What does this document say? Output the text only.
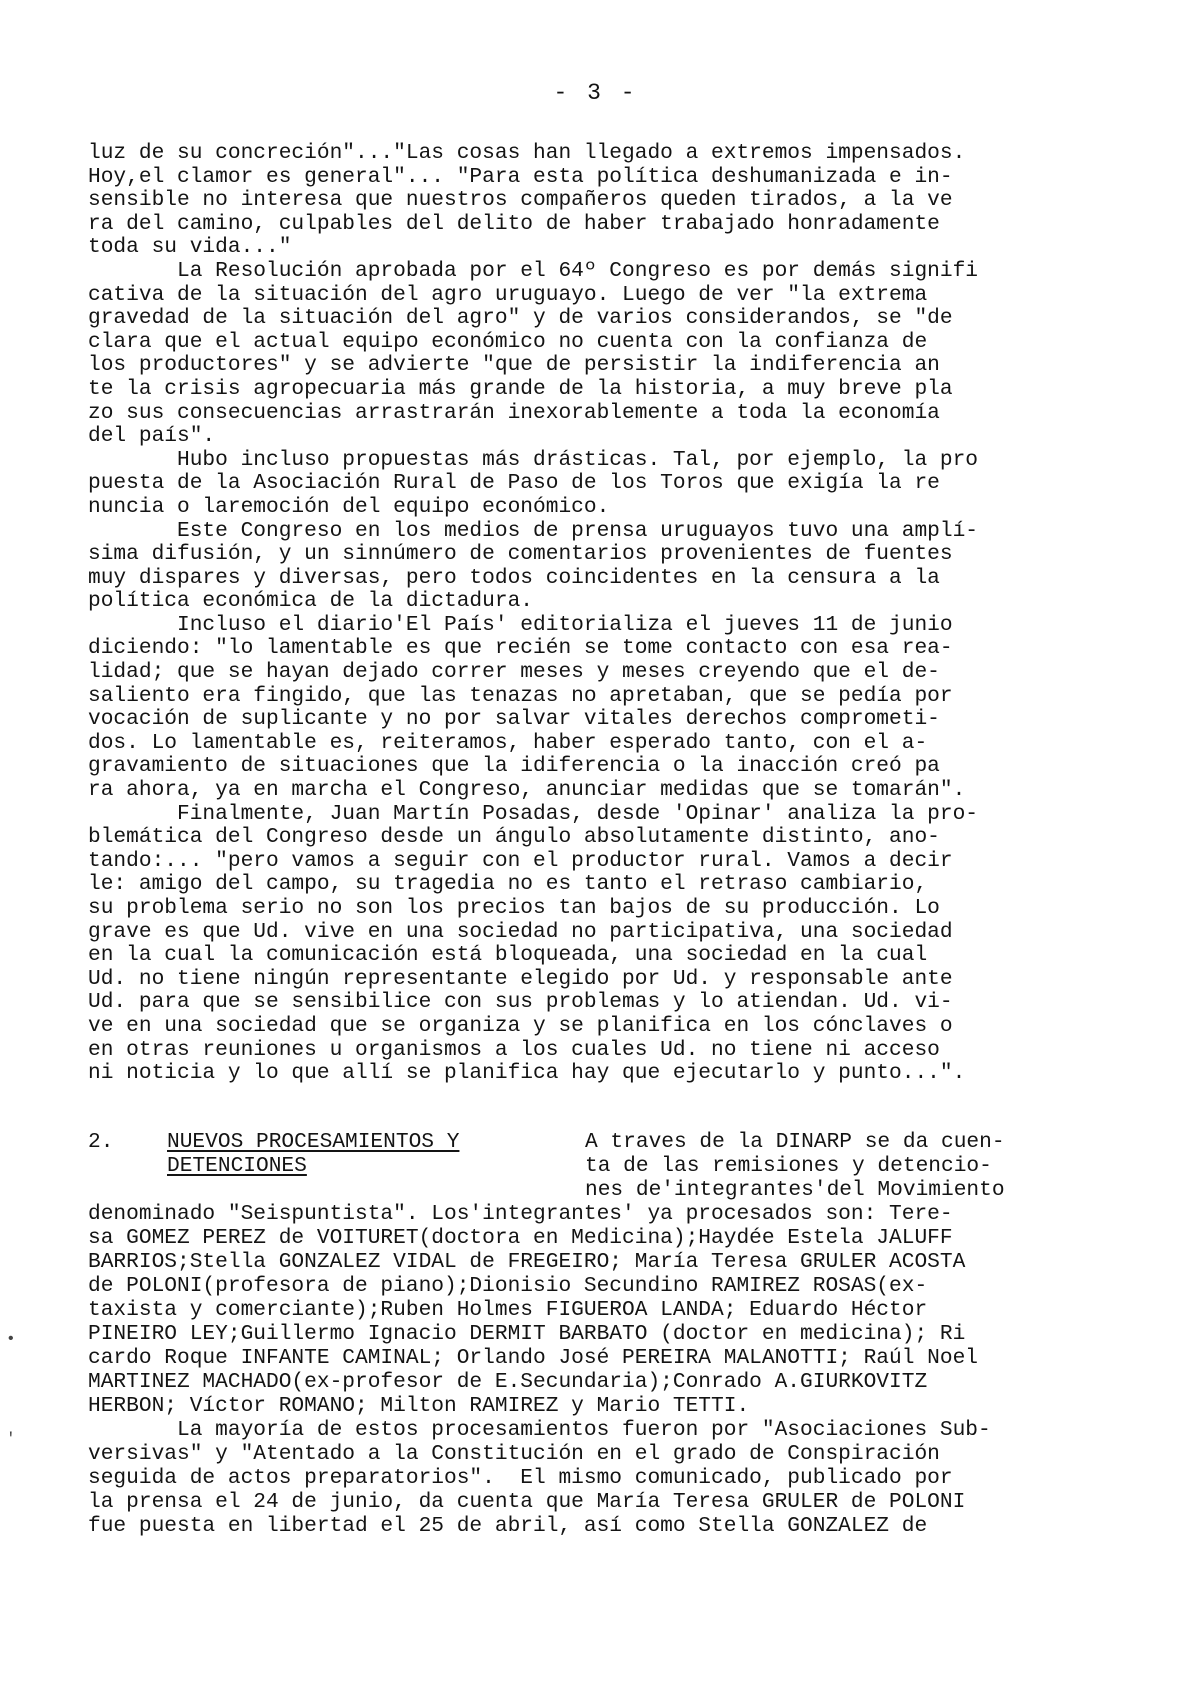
- 3 -
luz de su concreción"..."Las cosas han llegado a extremos impensados.
Hoy,el clamor es general"... "Para esta política deshumanizada e in-
sensible no interesa que nuestros compañeros queden tirados, a la ve
ra del camino, culpables del delito de haber trabajado honradamente
toda su vida..."
La Resolución aprobada por el 64º Congreso es por demás signifi
cativa de la situación del agro uruguayo. Luego de ver "la extrema
gravedad de la situación del agro" y de varios considerandos, se "de
clara que el actual equipo económico no cuenta con la confianza de
los productores" y se advierte "que de persistir la indiferencia an
te la crisis agropecuaria más grande de la historia, a muy breve pla
zo sus consecuencias arrastrarán inexorablemente a toda la economía
del país".
Hubo incluso propuestas más drásticas. Tal, por ejemplo, la pro
puesta de la Asociación Rural de Paso de los Toros que exigía la re
nuncia o laremoción del equipo económico.
Este Congreso en los medios de prensa uruguayos tuvo una amplí-
sima difusión, y un sinnúmero de comentarios provenientes de fuentes
muy dispares y diversas, pero todos coincidentes en la censura a la
política económica de la dictadura.
Incluso el diario'El País' editorializa el jueves 11 de junio
diciendo: "lo lamentable es que recién se tome contacto con esa rea-
lidad; que se hayan dejado correr meses y meses creyendo que el de-
saliento era fingido, que las tenazas no apretaban, que se pedía por
vocación de suplicante y no por salvar vitales derechos comprometi-
dos. Lo lamentable es, reiteramos, haber esperado tanto, con el a-
gravamiento de situaciones que la idiferencia o la inacción creó pa
ra ahora, ya en marcha el Congreso, anunciar medidas que se tomarán".
Finalmente, Juan Martín Posadas, desde 'Opinar' analiza la pro-
blemática del Congreso desde un ángulo absolutamente distinto, ano-
tando:... "pero vamos a seguir con el productor rural. Vamos a decir
le: amigo del campo, su tragedia no es tanto el retraso cambiario,
su problema serio no son los precios tan bajos de su producción. Lo
grave es que Ud. vive en una sociedad no participativa, una sociedad
en la cual la comunicación está bloqueada, una sociedad en la cual
Ud. no tiene ningún representante elegido por Ud. y responsable ante
Ud. para que se sensibilice con sus problemas y lo atiendan. Ud. vi-
ve en una sociedad que se organiza y se planifica en los cónclaves o
en otras reuniones u organismos a los cuales Ud. no tiene ni acceso
ni noticia y lo que allí se planifica hay que ejecutarlo y punto...".
2.	NUEVOS PROCESAMIENTOS Y
DETENCIONES
A traves de la DINARP se da cuen-
ta de las remisiones y detencio-
nes de'integrantes'del Movimiento
denominado "Seispuntista". Los'integrantes' ya procesados son: Tere-
sa GOMEZ PEREZ de VOITURET(doctora en Medicina);Haydée Estela JALUFF
BARRIOS;Stella GONZALEZ VIDAL de FREGEIRO; María Teresa GRULER ACOSTA
de POLONI(profesora de piano);Dionisio Secundino RAMIREZ ROSAS(ex-
taxista y comerciante);Ruben Holmes FIGUEROA LANDA; Eduardo Héctor
PINEIRO LEY;Guillermo Ignacio DERMIT BARBATO (doctor en medicina); Ri
cardo Roque INFANTE CAMINAL; Orlando José PEREIRA MALANOTTI; Raúl Noel
MARTINEZ MACHADO(ex-profesor de E.Secundaria);Conrado A.GIURKOVITZ
HERBON; Víctor ROMANO; Milton RAMIREZ y Mario TETTI.
La mayoría de estos procesamientos fueron por "Asociaciones Sub-
versivas" y "Atentado a la Constitución en el grado de Conspiración
seguida de actos preparatorios".  El mismo comunicado, publicado por
la prensa el 24 de junio, da cuenta que María Teresa GRULER de POLONI
fue puesta en libertad el 25 de abril, así como Stella GONZALEZ de
•
'
